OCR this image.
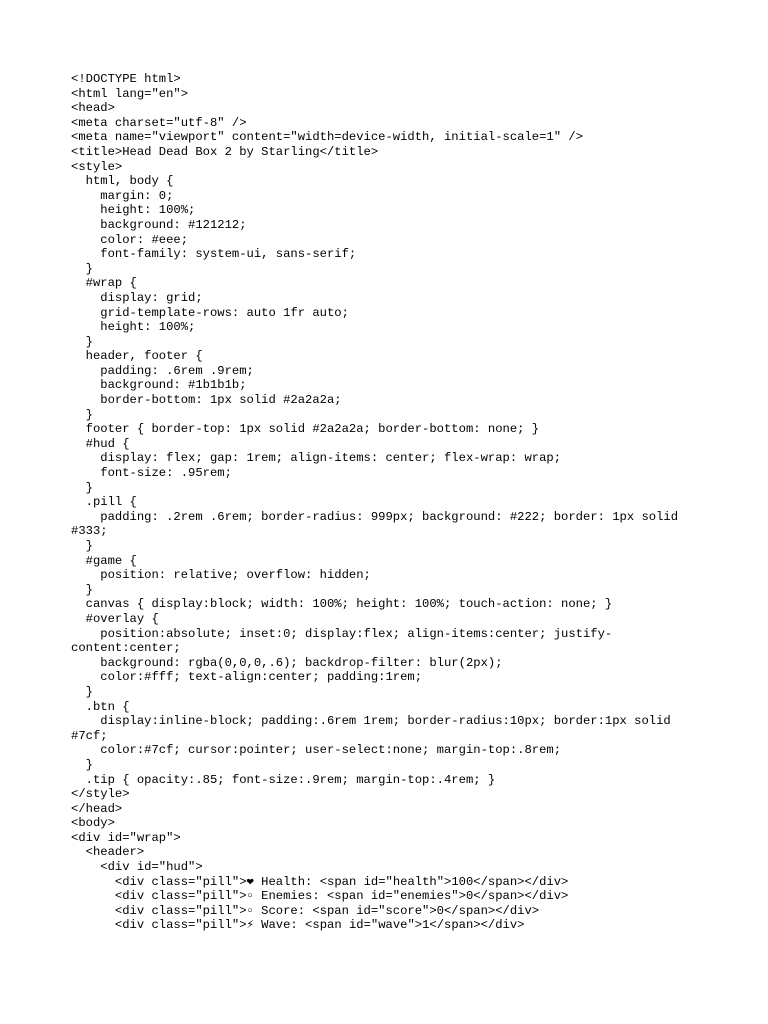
<!DOCTYPE html>
<html lang="en">
<head>
<meta charset="utf-8" />
<meta name="viewport" content="width=device-width, initial-scale=1" />
<title>Head Dead Box 2 by Starling</title>
<style>
html, body {
margin: 0;
height: 100%;
background: #121212;
color: #eee;
font-family: system-ui, sans-serif;
}
#wrap {
display: grid;
grid-template-rows: auto 1fr auto;
height: 100%;
}
header, footer {
padding: .6rem .9rem;
background: #1b1b1b;
border-bottom: 1px solid #2a2a2a;
}
footer { border-top: 1px solid #2a2a2a; border-bottom: none; }
#hud {
display: flex; gap: 1rem; align-items: center; flex-wrap: wrap;
font-size: .95rem;
}
.pill {
padding: .2rem .6rem; border-radius: 999px; background: #222; border: 1px solid
#333;
}
#game {
position: relative; overflow: hidden;
}
canvas { display:block; width: 100%; height: 100%; touch-action: none; }
#overlay {
position:absolute; inset:0; display:flex; align-items:center; justify-
content:center;
background: rgba(0,0,0,.6); backdrop-filter: blur(2px);
color:#fff; text-align:center; padding:1rem;
}
.btn {
display:inline-block; padding:.6rem 1rem; border-radius:10px; border:1px solid
#7cf;
color:#7cf; cursor:pointer; user-select:none; margin-top:.8rem;
}
.tip { opacity:.85; font-size:.9rem; margin-top:.4rem; }
</style>
</head>
<body>
<div id="wrap">
<header>
<div id="hud">
<div class="pill">❤ Health: <span id="health">100</span></div>
<div class="pill">▫ Enemies: <span id="enemies">0</span></div>
<div class="pill">▫ Score: <span id="score">0</span></div>
<div class="pill">⚡ Wave: <span id="wave">1</span></div>
